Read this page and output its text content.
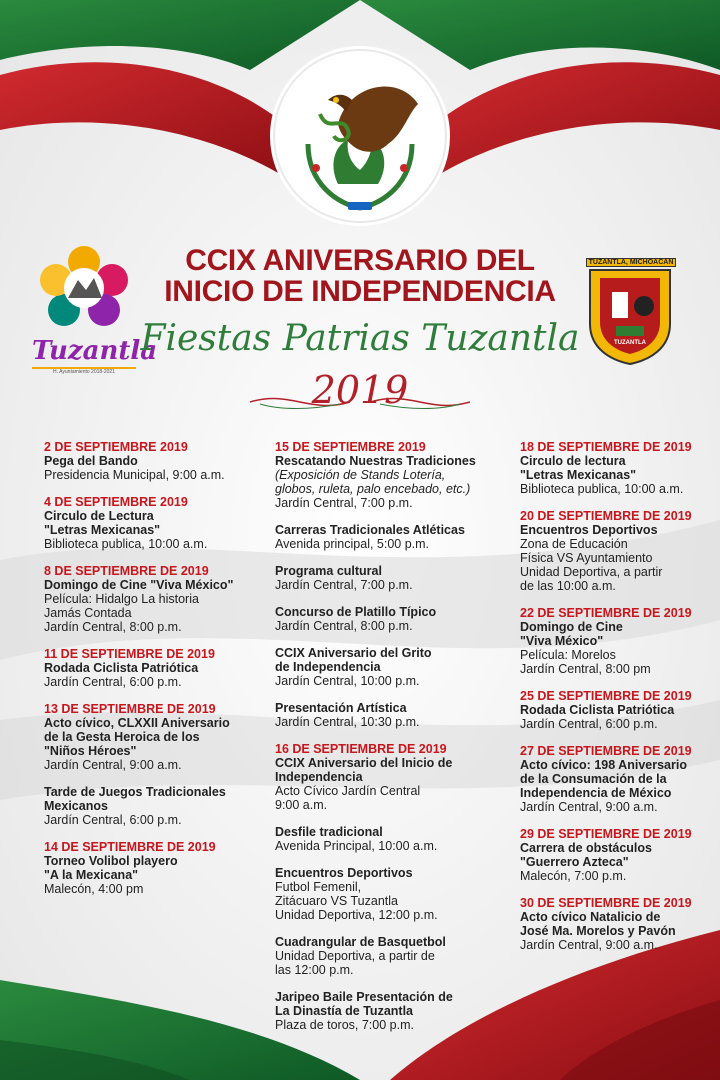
Tuzantla
H. Ayuntamiento 2018-2021
TUZANTLA, MICHOACAN
TUZANTLA
CCIX ANIVERSARIO DEL
INICIO DE INDEPENDENCIA
Fiestas Patrias Tuzantla
2019
2 DE SEPTIEMBRE 2019
Pega del Bando
Presidencia Municipal, 9:00 a.m.
4 DE SEPTIEMBRE 2019
Circulo de Lectura
"Letras Mexicanas"
Biblioteca publica, 10:00 a.m.
8 DE SEPTIEMBRE DE 2019
Domingo de Cine "Viva México"
Película: Hidalgo La historia
Jamás Contada
Jardín Central, 8:00 p.m.
11 DE SEPTIEMBRE DE 2019
Rodada Ciclista Patriótica
Jardín Central, 6:00 p.m.
13 DE SEPTIEMBRE DE 2019
Acto cívico, CLXXII Aniversario
de la Gesta Heroica de los
"Niños Héroes"
Jardín Central, 9:00 a.m.
Tarde de Juegos Tradicionales
Mexicanos
Jardín Central, 6:00 p.m.
14 DE SEPTIEMBRE DE 2019
Torneo Volibol playero
"A la Mexicana"
Malecón, 4:00 pm
15 DE SEPTIEMBRE 2019
Rescatando Nuestras Tradiciones
(Exposición de Stands Lotería,
globos, ruleta, palo encebado, etc.)
Jardín Central, 7:00 p.m.
Carreras Tradicionales Atléticas
Avenida principal, 5:00 p.m.
Programa cultural
Jardín Central, 7:00 p.m.
Concurso de Platillo Típico
Jardín Central, 8:00 p.m.
CCIX Aniversario del Grito
de Independencia
Jardín Central, 10:00 p.m.
Presentación Artística
Jardín Central, 10:30 p.m.
16 DE SEPTIEMBRE DE 2019
CCIX Aniversario del Inicio de
Independencia
Acto Cívico Jardín Central
9:00 a.m.
Desfile tradicional
Avenida Principal, 10:00 a.m.
Encuentros Deportivos
Futbol Femenil,
Zitácuaro VS Tuzantla
Unidad Deportiva, 12:00 p.m.
Cuadrangular de Basquetbol
Unidad Deportiva, a partir de
las 12:00 p.m.
Jaripeo Baile Presentación de
La Dinastía de Tuzantla
Plaza de toros, 7:00 p.m.
18 DE SEPTIEMBRE DE 2019
Circulo de lectura
"Letras Mexicanas"
Biblioteca publica, 10:00 a.m.
20 DE SEPTIEMBRE DE 2019
Encuentros Deportivos
Zona de Educación
Física VS Ayuntamiento
Unidad Deportiva, a partir
de las 10:00 a.m.
22 DE SEPTIEMBRE DE 2019
Domingo de Cine
"Viva México"
Película: Morelos
Jardín Central, 8:00 pm
25 DE SEPTIEMBRE DE 2019
Rodada Ciclista Patriótica
Jardín Central, 6:00 p.m.
27 DE SEPTIEMBRE DE 2019
Acto cívico: 198 Aniversario
de la Consumación de la
Independencia de México
Jardín Central, 9:00 a.m.
29 DE SEPTIEMBRE DE 2019
Carrera de obstáculos
"Guerrero Azteca"
Malecón, 7:00 p.m.
30 DE SEPTIEMBRE DE 2019
Acto cívico Natalicio de
José Ma. Morelos y Pavón
Jardín Central, 9:00 a.m.
